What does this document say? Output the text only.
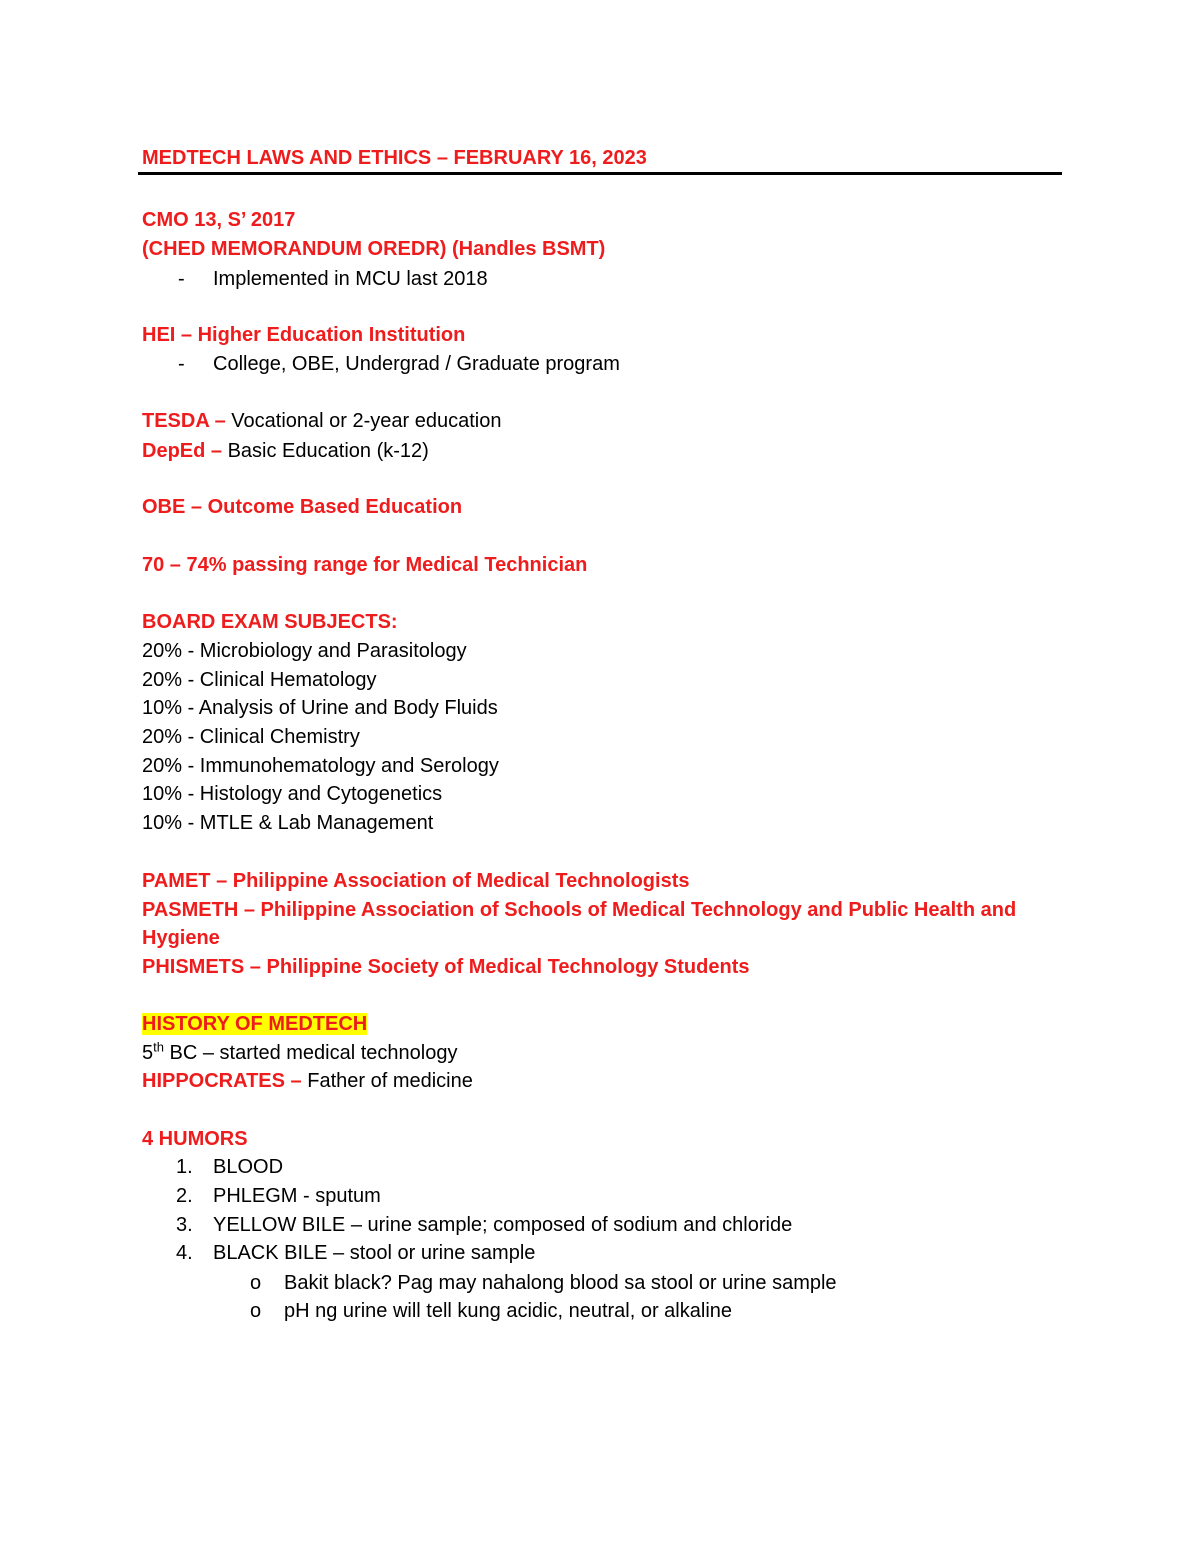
MEDTECH LAWS AND ETHICS – FEBRUARY 16, 2023
CMO 13, S’ 2017
(CHED MEMORANDUM OREDR) (Handles BSMT)
- Implemented in MCU last 2018
HEI – Higher Education Institution
- College, OBE, Undergrad / Graduate program
TESDA – Vocational or 2-year education
DepEd – Basic Education (k-12)
OBE – Outcome Based Education
70 – 74% passing range for Medical Technician
BOARD EXAM SUBJECTS:
20% - Microbiology and Parasitology
20% - Clinical Hematology
10% - Analysis of Urine and Body Fluids
20% - Clinical Chemistry
20% - Immunohematology and Serology
10% - Histology and Cytogenetics
10% - MTLE & Lab Management
PAMET – Philippine Association of Medical Technologists
PASMETH – Philippine Association of Schools of Medical Technology and Public Health and
Hygiene
PHISMETS – Philippine Society of Medical Technology Students
HISTORY OF MEDTECH
5th BC – started medical technology
HIPPOCRATES – Father of medicine
4 HUMORS
1. BLOOD
2. PHLEGM - sputum
3. YELLOW BILE – urine sample; composed of sodium and chloride
4. BLACK BILE – stool or urine sample
o Bakit black? Pag may nahalong blood sa stool or urine sample
o pH ng urine will tell kung acidic, neutral, or alkaline
